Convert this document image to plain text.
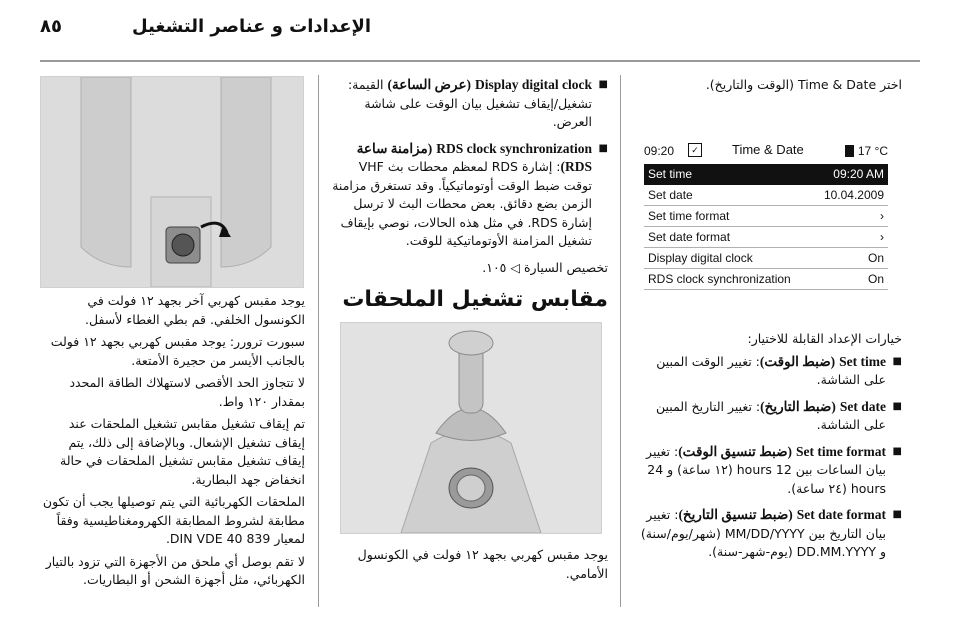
٨٥	الإعدادات و عناصر التشغيل

اختر Time & Date (الوقت والتاريخ).

09:20	✓	Time & Date	17 °C
Set time	09:20 AM
Set date	10.04.2009
Set time format	›
Set date format	›
Display digital clock	On
RDS clock synchronization	On

خيارات الإعداد القابلة للاختيار:

■ Set time (ضبط الوقت): تغيير الوقت المبين على الشاشة.
■ Set date (ضبط التاريخ): تغيير التاريخ المبين على الشاشة.
■ Set time format (ضبط تنسيق الوقت): تغيير بيان الساعات بين 12 hours (١٢ ساعة) و 24 hours (٢٤ ساعة).
■ Set date format (ضبط تنسيق التاريخ): تغيير بيان التاريخ بين MM/DD/YYYY (شهر/يوم/سنة) و DD.MM.YYYY (يوم-شهر-سنة).
■ Display digital clock (عرض الساعة) القيمة: تشغيل/إيقاف تشغيل بيان الوقت على شاشة العرض.
■ RDS clock synchronization (مزامنة ساعة RDS): إشارة RDS لمعظم محطات بث VHF توقت ضبط الوقت أوتوماتيكياً. وقد تستغرق مزامنة الزمن بضع دقائق. بعض محطات البث لا ترسل إشارة RDS. في مثل هذه الحالات، نوصي بإيقاف تشغيل المزامنة الأوتوماتيكية للوقت.

تخصيص السيارة ◁ ١٠٥.

مقابس تشغيل الملحقات

يوجد مقبس كهربي بجهد ١٢ فولت في الكونسول الأمامي.

يوجد مقبس كهربي آخر بجهد ١٢ فولت في الكونسول الخلفي. قم بطي الغطاء لأسفل.

سبورت ترورر: يوجد مقبس كهربي بجهد ١٢ فولت بالجانب الأيسر من حجيرة الأمتعة.

لا تتجاوز الحد الأقصى لاستهلاك الطاقة المحدد بمقدار ١٢٠ واط.

تم إيقاف تشغيل مقابس تشغيل الملحقات عند إيقاف تشغيل الإشعال. وبالإضافة إلى ذلك، يتم إيقاف تشغيل مقابس تشغيل الملحقات في حالة انخفاض جهد البطارية.

الملحقات الكهربائية التي يتم توصيلها يجب أن تكون مطابقة لشروط المطابقة الكهرومغناطيسية وفقاً لمعيار DIN VDE 40 839.

لا تقم بوصل أي ملحق من الأجهزة التي تزود بالتيار الكهربائي، مثل أجهزة الشحن أو البطاريات.
